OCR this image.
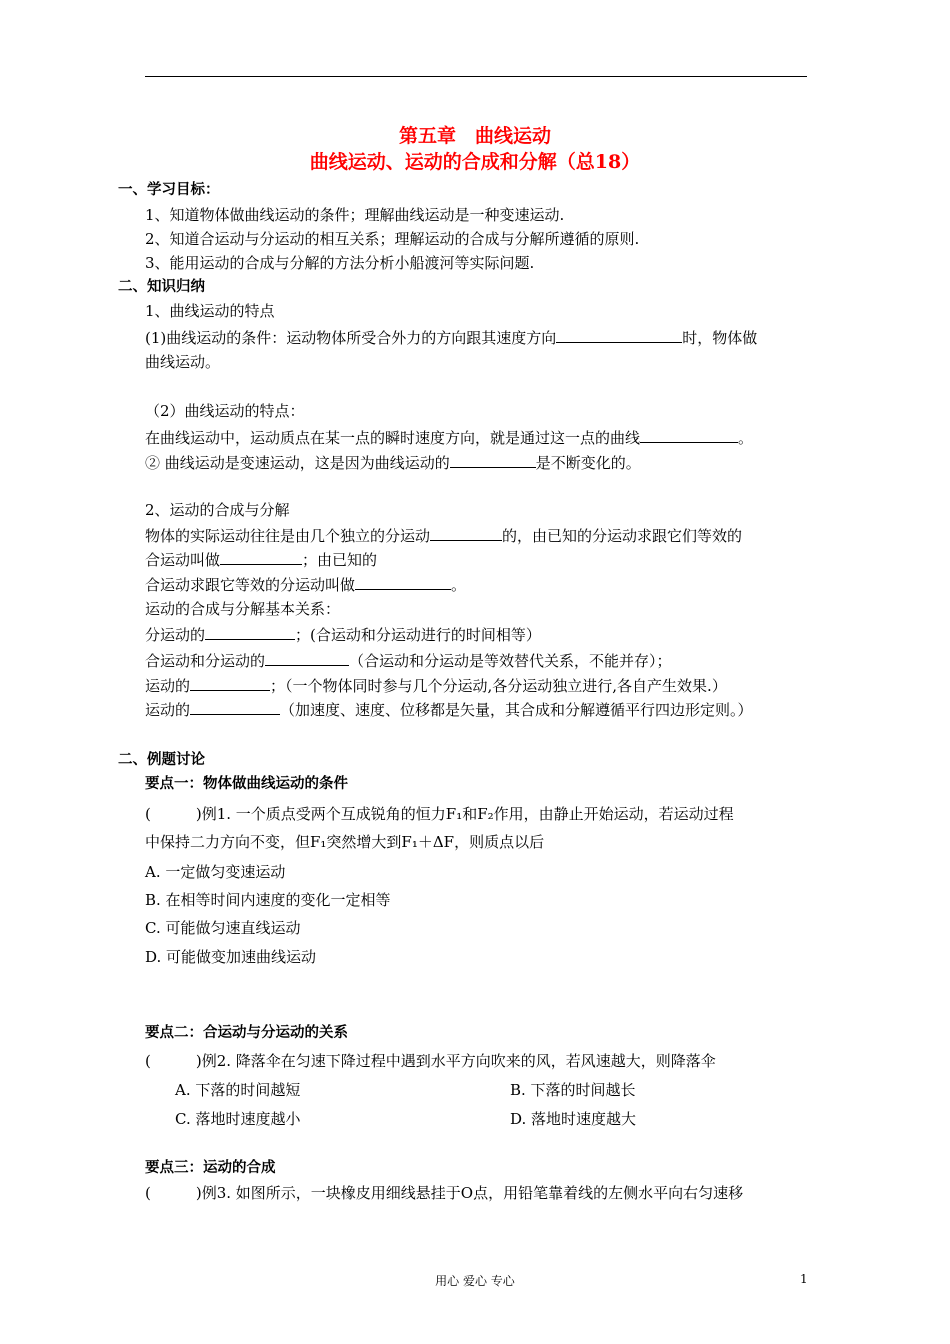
第五章　曲线运动
曲线运动、运动的合成和分解（总18）
一、学习目标：
1、知道物体做曲线运动的条件；理解曲线运动是一种变速运动.
2、知道合运动与分运动的相互关系；理解运动的合成与分解所遵循的原则.
3、能用运动的合成与分解的方法分析小船渡河等实际问题.
二、知识归纳
1、曲线运动的特点
(1)曲线运动的条件：运动物体所受合外力的方向跟其速度方向	时，物体做
曲线运动。
（2）曲线运动的特点：
在曲线运动中，运动质点在某一点的瞬时速度方向，就是通过这一点的曲线	。
② 曲线运动是变速运动，这是因为曲线运动的	是不断变化的。
2、运动的合成与分解
物体的实际运动往往是由几个独立的分运动	的，由已知的分运动求跟它们等效的
合运动叫做	；由已知的
合运动求跟它等效的分运动叫做	。
运动的合成与分解基本关系：
分运动的	；(合运动和分运动进行的时间相等）
合运动和分运动的	（合运动和分运动是等效替代关系，不能并存）；
运动的	；（一个物体同时参与几个分运动,各分运动独立进行,各自产生效果.）
运动的	（加速度、速度、位移都是矢量，其合成和分解遵循平行四边形定则。）
二、例题讨论
要点一：物体做曲线运动的条件
(　　　)例1. 一个质点受两个互成锐角的恒力F₁和F₂作用，由静止开始运动，若运动过程
中保持二力方向不变，但F₁突然增大到F₁＋ΔF，则质点以后
A. 一定做匀变速运动
B. 在相等时间内速度的变化一定相等
C. 可能做匀速直线运动
D. 可能做变加速曲线运动
要点二：合运动与分运动的关系
(　　　)例2. 降落伞在匀速下降过程中遇到水平方向吹来的风，若风速越大，则降落伞
A. 下落的时间越短	B. 下落的时间越长
C. 落地时速度越小	D. 落地时速度越大
要点三：运动的合成
(　　　)例3. 如图所示，一块橡皮用细线悬挂于O点，用铅笔靠着线的左侧水平向右匀速移
用心 爱心 专心	1
